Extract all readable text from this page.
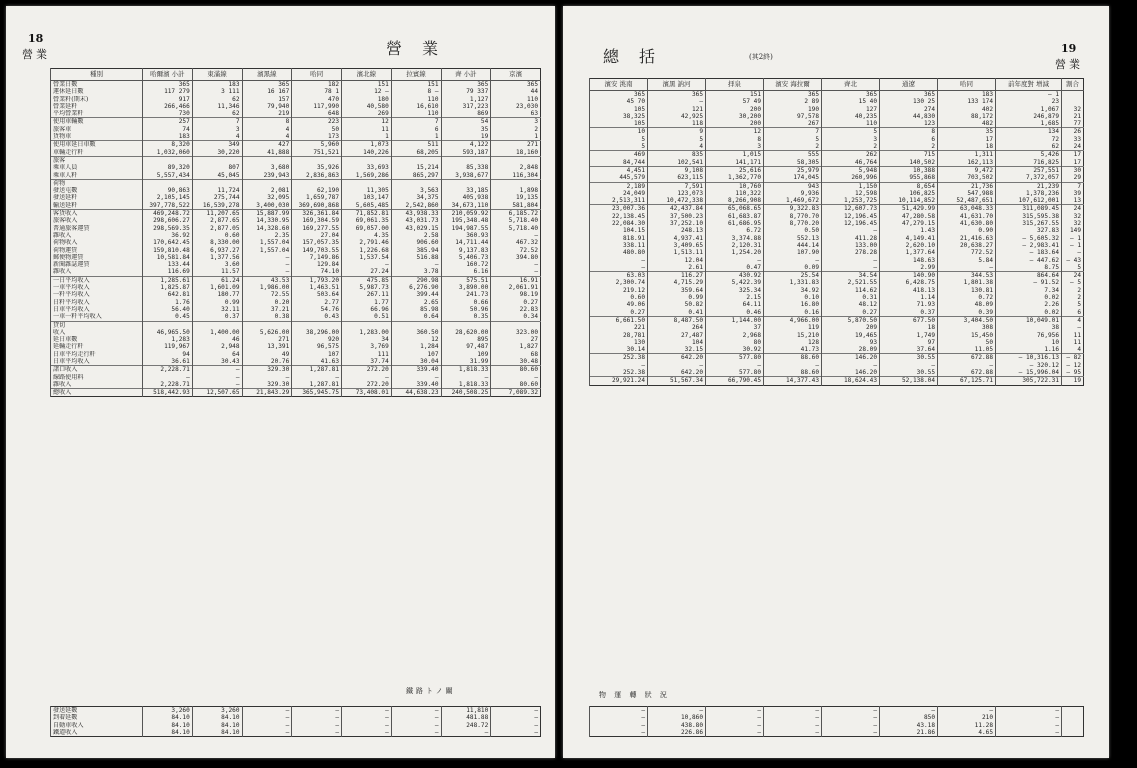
18
營業	營　業
種別	哈爾濱 小計	東滿線	濱黑線	哈同	濱北線	拉賓線	齊 小計	京濱
營業日數	365	183	365	182	151	151	365	365
運休延日數	117 279	3 111	16 167	78 1	12 —	8 —	79 337	44
營業粁(期末)	917	62	157	470	180	110	1,127	110
營業延粁	266,466	11,346	79,940	117,990	40,580	16,610	317,223	23,030
平均營業粁	730	62	219	648	269	110	869	63
使用車輛數	257	7	8	223	12	7	54	3
旅客車	74	3	4	50	11	6	35	2
貨物車	183	4	4	173	1	1	19	1
使用車延日車數	8,320	349	427	5,960	1,073	511	4,122	271
車輛走行粁	1,032,060	30,220	41,888	751,521	140,226	68,205	593,187	18,160
旅客								
乘車人員	89,320	807	3,680	35,926	33,693	15,214	85,338	2,848
乘車人粁	5,557,434	45,045	239,943	2,836,863	1,569,286	865,297	3,938,677	116,304
荷物								
發送屯數	90,863	11,724	2,081	62,190	11,305	3,563	33,185	1,898
發送延粁	2,105,145	275,744	32,095	1,659,787	103,147	34,375	405,938	19,135
輸送延粁	397,778,522	16,539,278	3,400,030	369,690,868	5,605,485	2,542,860	34,673,110	581,804
客貨收入	469,248.72	11,207.65	15,887.99	326,361.84	71,852.81	43,938.33	210,059.92	6,185.72
旅客收入	298,606.27	2,877.65	14,330.95	169,304.59	69,061.35	43,031.73	195,348.48	5,718.40
普通旅客運賃	298,569.35	2,877.05	14,328.60	169,277.55	69,057.00	43,029.15	194,987.55	5,718.40
雜收入	36.92	0.60	2.35	27.04	4.35	2.58	360.93	—
荷物收入	170,642.45	8,330.00	1,557.04	157,057.35	2,791.46	906.60	14,711.44	467.32
荷物運賃	159,810.48	6,937.27	1,557.04	149,703.55	1,226.68	385.94	9,137.83	72.52
郵便物運賃	10,581.84	1,377.56	—	7,149.86	1,537.54	516.88	5,406.73	394.80
新聞雜誌運賃	133.44	3.60	—	129.84	—	—	160.72	—
雜收入	116.69	11.57	—	74.10	27.24	3.78	6.16	—
一日平均收入	1,285.61	61.24	43.53	1,793.20	475.85	290.98	575.51	16.91
一車平均收入	1,825.87	1,601.09	1,986.00	1,463.51	5,987.73	6,276.90	3,890.00	2,061.91
一粁平均收入	642.81	180.77	72.55	503.64	267.11	399.44	241.73	98.19
日粁平均收入	1.76	0.99	0.20	2.77	1.77	2.65	0.66	0.27
日車平均收入	56.40	32.11	37.21	54.76	66.96	85.98	50.96	22.83
一車一粁平均收入	0.45	0.37	0.38	0.43	0.51	0.64	0.35	0.34
貸切								
收入	46,965.50	1,400.00	5,626.00	38,296.00	1,283.00	360.50	28,620.00	323.00
延日車數	1,283	46	271	920	34	12	895	27
延輛走行粁	119,967	2,948	13,391	96,575	3,769	1,284	97,487	1,827
日車平均走行粁	94	64	49	107	111	107	109	68
日車平均收入	36.61	30.43	20.76	41.63	37.74	30.04	31.99	30.48
諸口收入	2,228.71	—	329.30	1,287.81	272.20	339.40	1,818.33	80.60
線路使用料	—	—	—	—	—	—	—	—
雜收入	2,228.71	—	329.30	1,287.81	272.20	339.40	1,818.33	80.60
總收入	518,442.93	12,507.65	21,843.29	365,945.75	73,408.01	44,638.23	240,508.25	7,089.32
鐵路トノ關
發送延數	3,260	3,260	—	—	—	—	11,810	—
到着延數	84.10	84.10	—	—	—	—	481.88	—
自動車收入	84.10	84.10	—	—	—	—	248.72	—
鐵道收入	84.10	84.10	—	—	—	—	—	—
19
營業
總　括	(其2終)
濱安 洮南	濱黑 訥河	拝泉	濱安 海拉爾	齊北	通遼	哈同	前年度對 增減	割合
365	365	151	365	365	365	183	— 1	
45 70	—	57 49	2 89	15 40	130 25	133 174	23	
105	121	200	190	127	274	402	1,067	32
38,325	42,925	30,200	97,578	40,235	44,830	88,172	246,879	21
105	118	200	267	110	123	482	1,685	77
10	9	12	7	5	8	35	134	26
5	5	8	5	3	6	17	72	33
5	4	3	2	2	2	18	62	24
469	835	1,015	555	262	715	1,311	5,426	17
84,744	102,541	141,171	58,305	46,764	140,502	162,113	716,825	17

4,451	9,108	25,616	25,979	5,948	10,388	9,472	257,551	30
445,579	623,115	1,362,770	174,045	260,996	955,868	703,502	7,372,057	29

2,189	7,591	10,760	943	1,150	8,654	21,736	21,239	7
24,049	123,073	110,322	9,936	12,598	106,825	547,988	1,378,236	39
2,513,311	10,472,338	8,266,908	1,469,672	1,253,725	10,114,852	52,487,651	107,612,001	13
23,007.36	42,437.84	65,068.65	9,322.83	12,607.73	51,429.99	63,048.33	311,089.45	24
22,138.45	37,500.23	61,683.87	8,770.70	12,196.45	47,280.58	41,631.70	315,595.38	32
22,084.30	37,252.10	61,686.95	8,770.20	12,196.45	47,279.15	41,630.80	315,267.55	32
104.15	248.13	6.72	0.50	—	1.43	0.90	327.83	149
818.91	4,937.41	3,374.88	552.13	411.28	4,149.41	21,416.63	— 5,605.32	— 1
338.11	3,409.65	2,120.31	444.14	133.00	2,620.10	20,638.27	— 2,983.41	— 1
480.80	1,513.11	1,254.20	107.90	278.28	1,377.64	772.52	— 183.64	—
—	12.04	—	—	—	148.63	5.84	— 447.62	— 43
—	2.61	0.47	0.09	—	2.99	—	8.75	5
63.03	116.27	430.92	25.54	34.54	140.90	344.53	864.64	24
2,300.74	4,715.29	5,422.39	1,331.83	2,521.55	6,428.75	1,801.38	— 91.52	— 5
219.12	359.64	325.34	34.92	114.62	418.13	130.81	7.34	2
0.60	0.99	2.15	0.10	0.31	1.14	0.72	0.02	2
49.06	50.82	64.11	16.80	48.12	71.93	48.09	2.26	5
0.27	0.41	0.46	0.16	0.27	0.37	0.39	0.02	6

6,661.50	8,487.50	1,144.00	4,966.00	5,870.50	677.50	3,404.50	10,049.01	4
221	264	37	119	209	18	308	38	—
28,781	27,487	2,968	15,210	19,465	1,749	15,450	76,956	11
130	104	80	128	93	97	50	10	11
30.14	32.15	30.92	41.73	28.09	37.64	11.05	1.16	4
252.38	642.20	577.80	88.60	146.20	30.55	672.88	— 10,316.13	— 82
—	—	—	—	—	—	—	— 320.12	— 12
252.38	642.20	577.80	88.60	146.20	30.55	672.88	— 15,996.04	— 95
29,921.24	51,567.34	66,790.45	14,377.43	18,624.43	52,138.04	67,125.71	305,722.31	19
物 運 轉 狀 況
—	—	—	—	—	—	—	—	
—	10,860	—	—	—	850	210	—	
—	438.80	—	—	—	43.18	11.28	—	
—	226.86	—	—	—	21.86	4.65	—	
